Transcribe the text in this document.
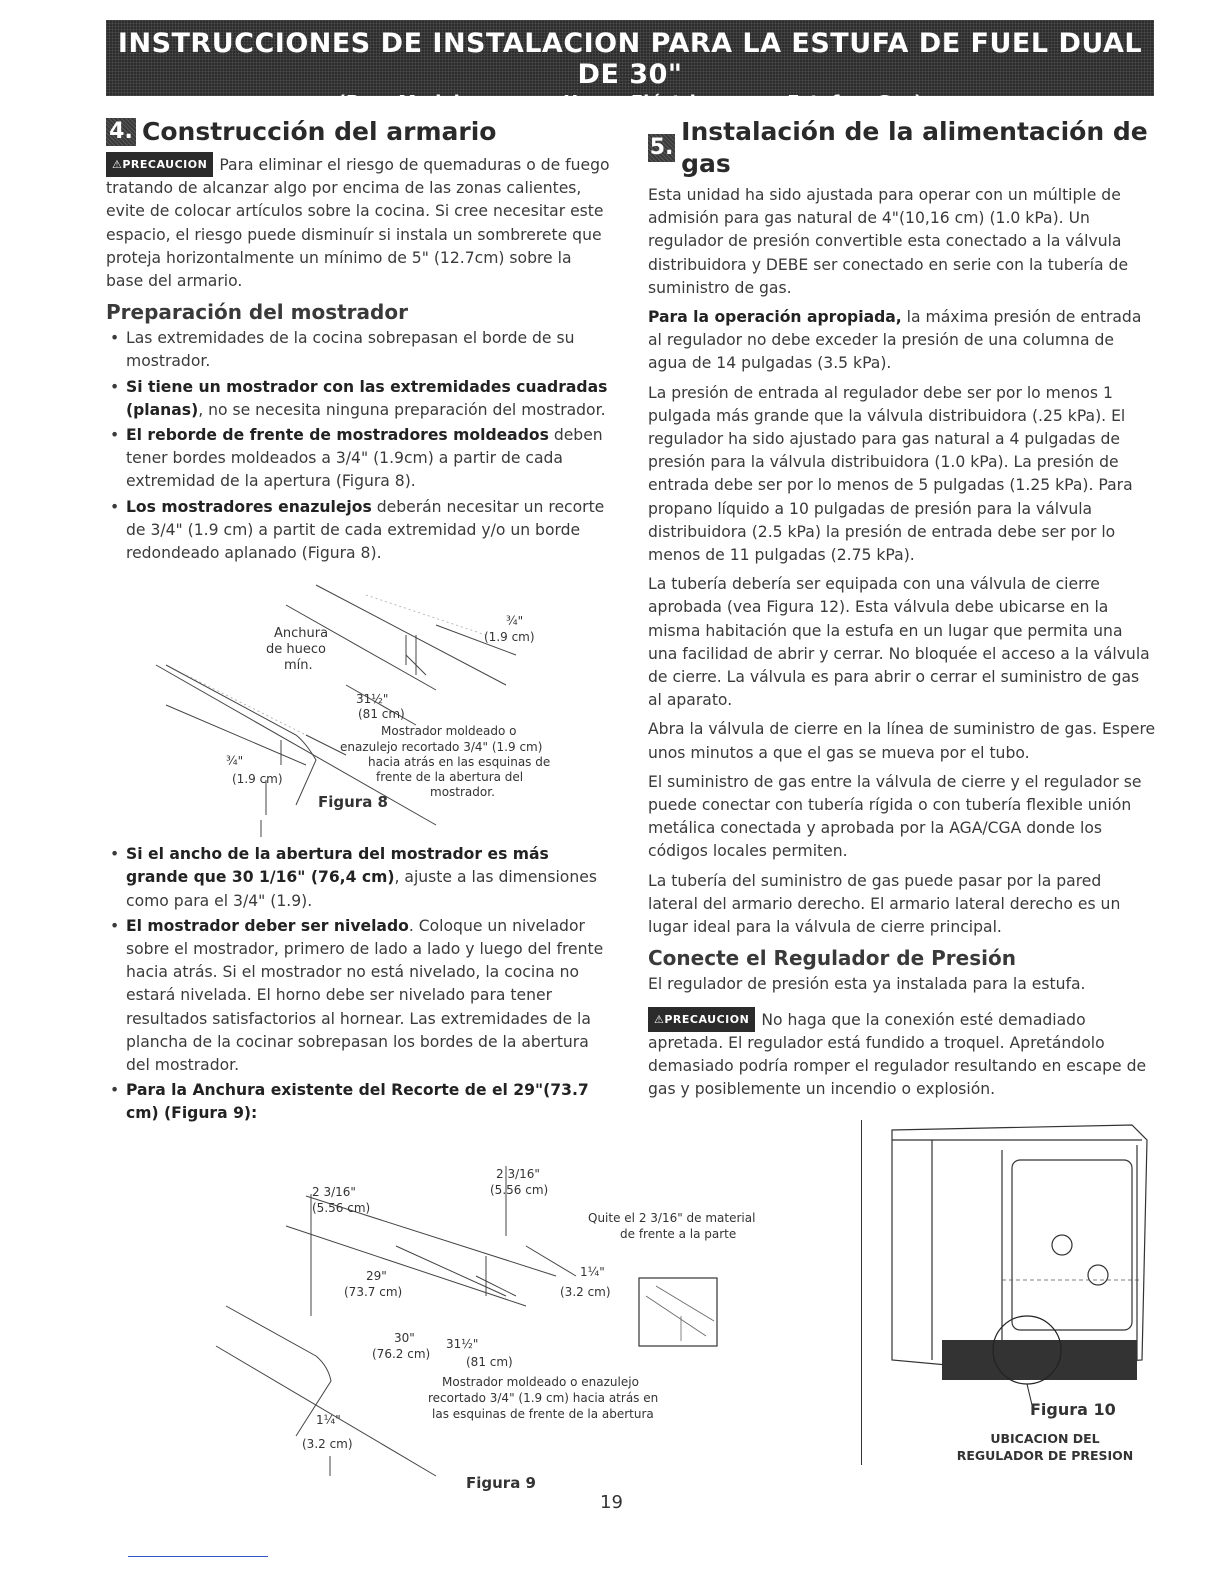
INSTRUCCIONES DE INSTALACION PARA LA ESTUFA DE FUEL DUAL DE 30"
(Para Modelos con un Horno Eléctrico y una Estufa a Gas)
4. Construcción del armario

⚠PRECAUCION Para eliminar el riesgo de quemaduras o de fuego tratando de alcanzar algo por encima de las zonas calientes, evite de colocar artículos sobre la cocina. Si cree necesitar este espacio, el riesgo puede disminuír si instala un sombrerete que proteja horizontalmente un mínimo de 5" (12.7cm) sobre la base del armario.

Preparación del mostrador
• Las extremidades de la cocina sobrepasan el borde de su mostrador.
• Si tiene un mostrador con las extremidades cuadradas (planas), no se necesita ninguna preparación del mostrador.
• El reborde de frente de mostradores moldeados deben tener bordes moldeados a 3/4" (1.9cm) a partir de cada extremidad de la apertura (Figura 8).
• Los mostradores enazulejos deberán necesitar un recorte de 3/4" (1.9 cm) a partit de cada extremidad y/o un borde redondeado aplanado (Figura 8).
Anchura
de hueco
mín.
¾"
(1.9 cm)
31½"
(81 cm)
Mostrador moldeado o
enazulejo recortado 3/4" (1.9 cm)
hacia atrás en las esquinas de
frente de la abertura del
mostrador.
¾"
(1.9 cm)
Figura 8
• Si el ancho de la abertura del mostrador es más grande que 30 1/16" (76,4 cm), ajuste a las dimensiones como para el 3/4" (1.9).
• El mostrador deber ser nivelado. Coloque un nivelador sobre el mostrador, primero de lado a lado y luego del frente hacia atrás. Si el mostrador no está nivelado, la cocina no estará nivelada. El horno debe ser nivelado para tener resultados satisfactorios al hornear. Las extremidades de la plancha de la cocinar sobrepasan los bordes de la abertura del mostrador.
• Para la Anchura existente del Recorte de el 29"(73.7 cm) (Figura 9):
2 3/16"
(5.56 cm)
2 3/16"
(5.56 cm)
Quite el 2 3/16" de material
de frente a la parte
29"
(73.7 cm)
1¼"
(3.2 cm)
30"
(76.2 cm)
31½"
(81 cm)
Mostrador moldeado o enazulejo
recortado 3/4" (1.9 cm) hacia atrás en
las esquinas de frente de la abertura
1¼"
(3.2 cm)
Figura 9
5.
Instalación de la alimentación de gas

Esta unidad ha sido ajustada para operar con un múltiple de admisión para gas natural de 4"(10,16 cm) (1.0 kPa). Un regulador de presión convertible esta conectado a la válvula distribuidora y DEBE ser conectado en serie con la tubería de suministro de gas.

Para la operación apropiada, la máxima presión de entrada al regulador no debe exceder la presión de una columna de agua de 14 pulgadas (3.5 kPa).

La presión de entrada al regulador debe ser por lo menos 1 pulgada más grande que la válvula distribuidora (.25 kPa). El regulador ha sido ajustado para gas natural a 4 pulgadas de presión para la válvula distribuidora (1.0 kPa). La presión de entrada debe ser por lo menos de 5 pulgadas (1.25 kPa). Para propano líquido a 10 pulgadas de presión para la válvula distribuidora (2.5 kPa) la presión de entrada debe ser por lo menos de 11 pulgadas (2.75 kPa).

La tubería debería ser equipada con una válvula de cierre aprobada (vea Figura 12). Esta válvula debe ubicarse en la misma habitación que la estufa en un lugar que permita una una facilidad de abrir y cerrar. No bloquée el acceso a la válvula de cierre. La válvula es para abrir o cerrar el suministro de gas al aparato.

Abra la válvula de cierre en la línea de suministro de gas. Espere unos minutos a que el gas se mueva por el tubo.

El suministro de gas entre la válvula de cierre y el regulador se puede conectar con tubería rígida o con tubería flexible unión metálica conectada y aprobada por la AGA/CGA donde los códigos locales permiten.

La tubería del suministro de gas puede pasar por la pared lateral del armario derecho. El armario lateral derecho es un lugar ideal para la válvula de cierre principal.

Conecte el Regulador de Presión

El regulador de presión esta ya instalada para la estufa.

⚠PRECAUCION No haga que la conexión esté demadiado apretada. El regulador está fundido a troquel. Apretándolo demasiado podría romper el regulador resultando en escape de gas y posiblemente un incendio o explosión.

Figura 10
UBICACION DEL
REGULADOR DE PRESION
19
